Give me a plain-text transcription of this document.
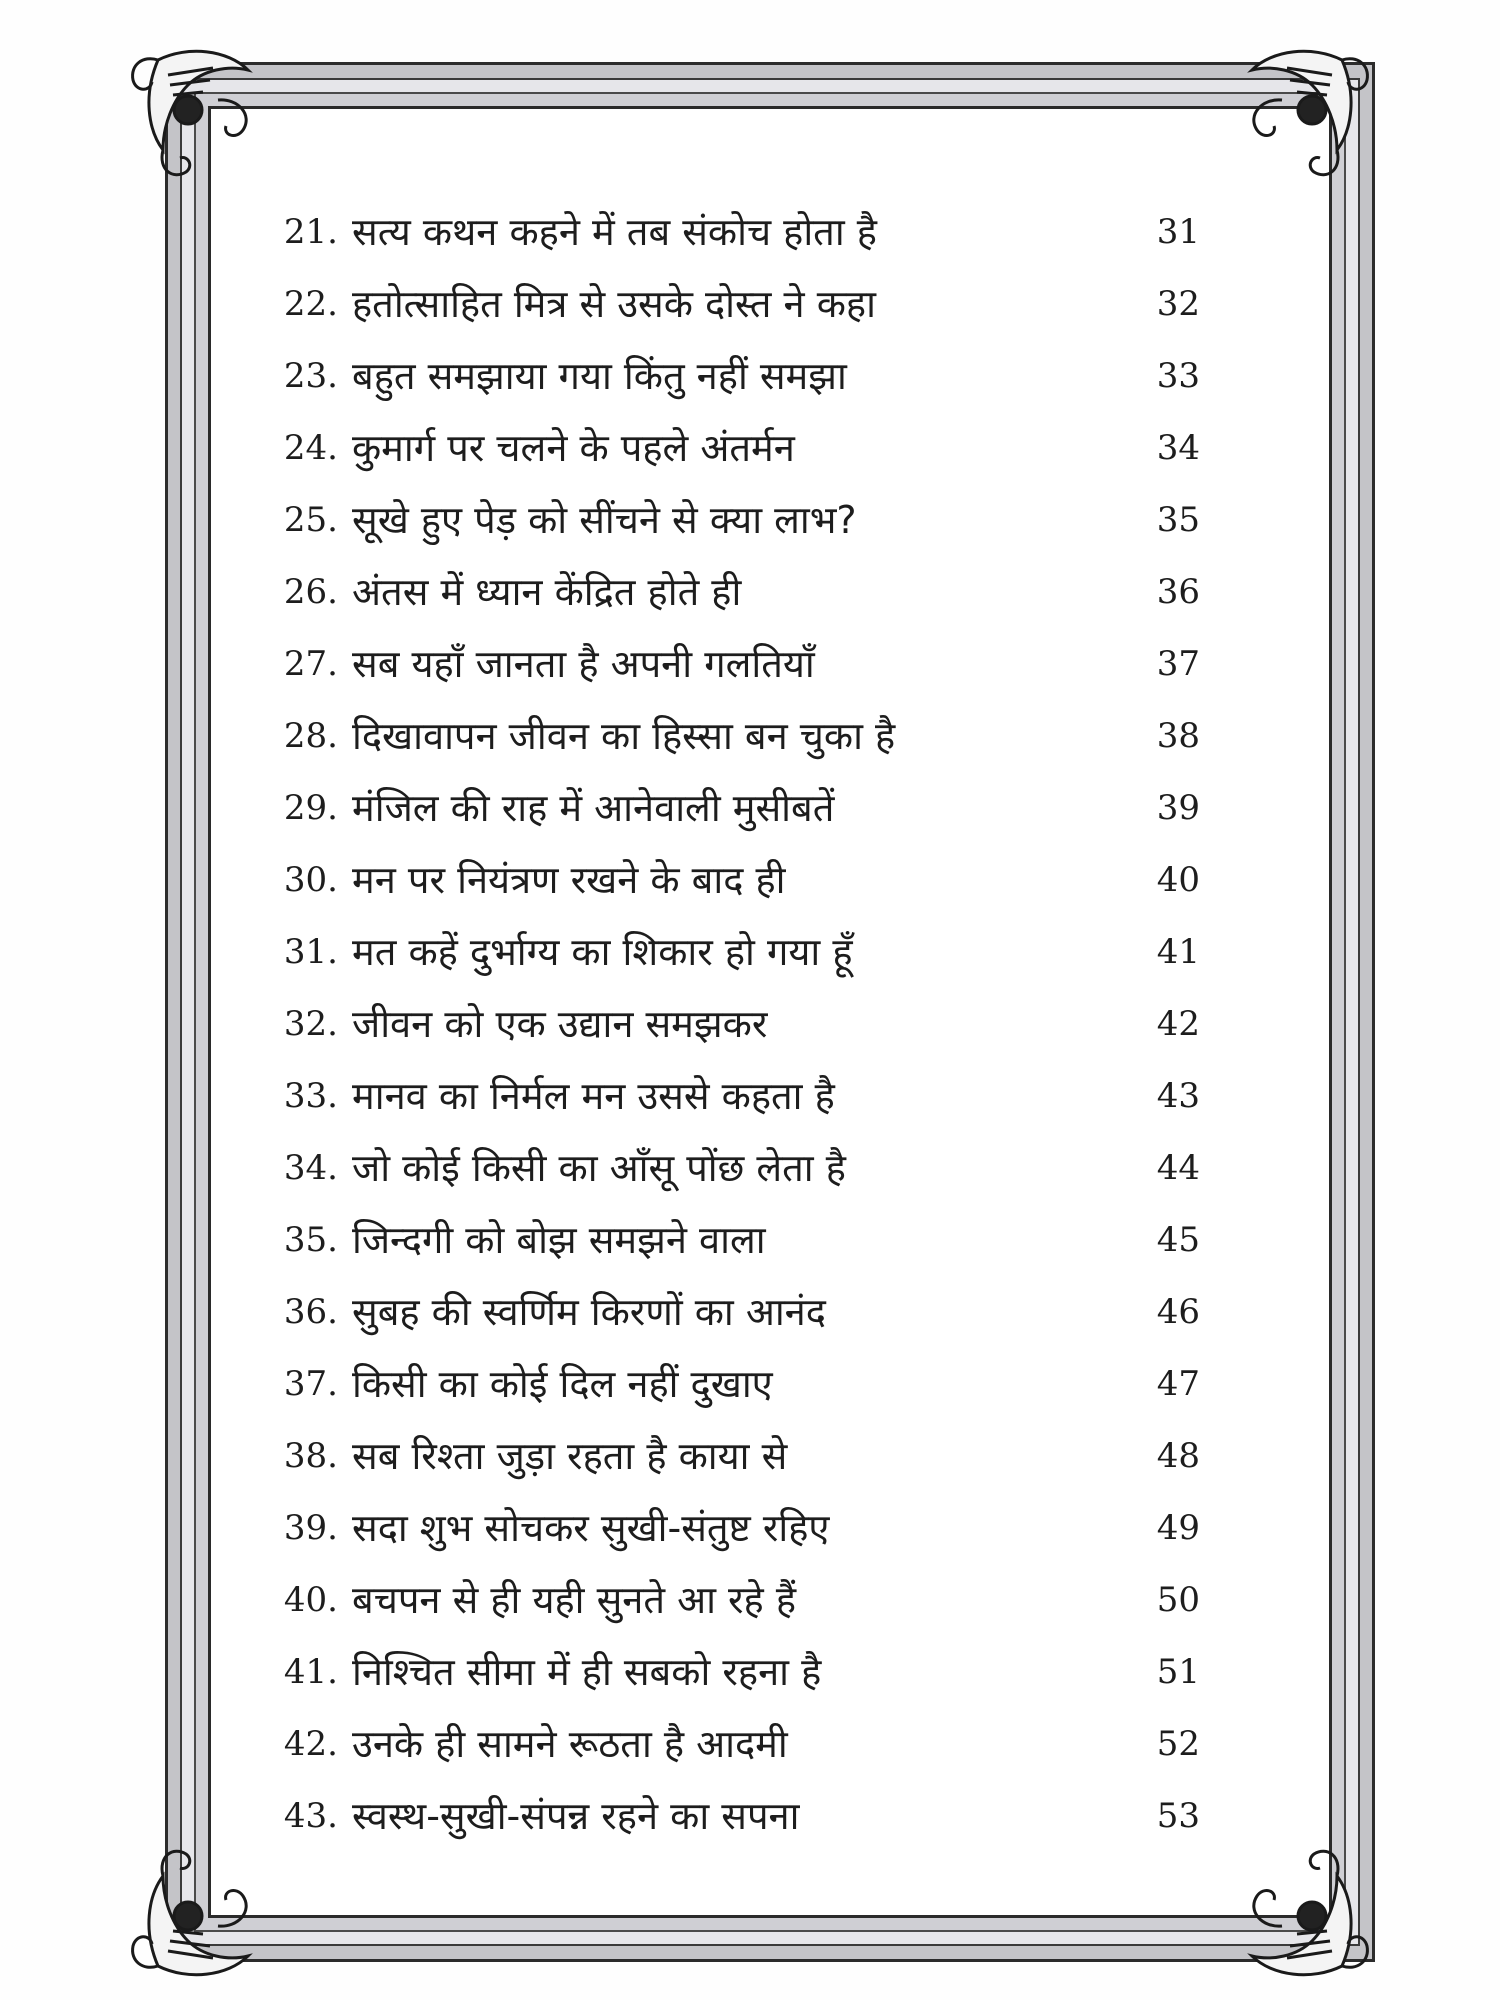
21. सत्य कथन कहने में तब संकोच होता है	31
22. हतोत्साहित मित्र से उसके दोस्त ने कहा	32
23. बहुत समझाया गया किंतु नहीं समझा	33
24. कुमार्ग पर चलने के पहले अंतर्मन	34
25. सूखे हुए पेड़ को सींचने से क्या लाभ?	35
26. अंतस में ध्यान केंद्रित होते ही	36
27. सब यहाँ जानता है अपनी गलतियाँ	37
28. दिखावापन जीवन का हिस्सा बन चुका है	38
29. मंजिल की राह में आनेवाली मुसीबतें	39
30. मन पर नियंत्रण रखने के बाद ही	40
31. मत कहें दुर्भाग्य का शिकार हो गया हूँ	41
32. जीवन को एक उद्यान समझकर	42
33. मानव का निर्मल मन उससे कहता है	43
34. जो कोई किसी का आँसू पोंछ लेता है	44
35. जिन्दगी को बोझ समझने वाला	45
36. सुबह की स्वर्णिम किरणों का आनंद	46
37. किसी का कोई दिल नहीं दुखाए	47
38. सब रिश्ता जुड़ा रहता है काया से	48
39. सदा शुभ सोचकर सुखी-संतुष्ट रहिए	49
40. बचपन से ही यही सुनते आ रहे हैं	50
41. निश्चित सीमा में ही सबको रहना है	51
42. उनके ही सामने रूठता है आदमी	52
43. स्वस्थ-सुखी-संपन्न रहने का सपना	53
